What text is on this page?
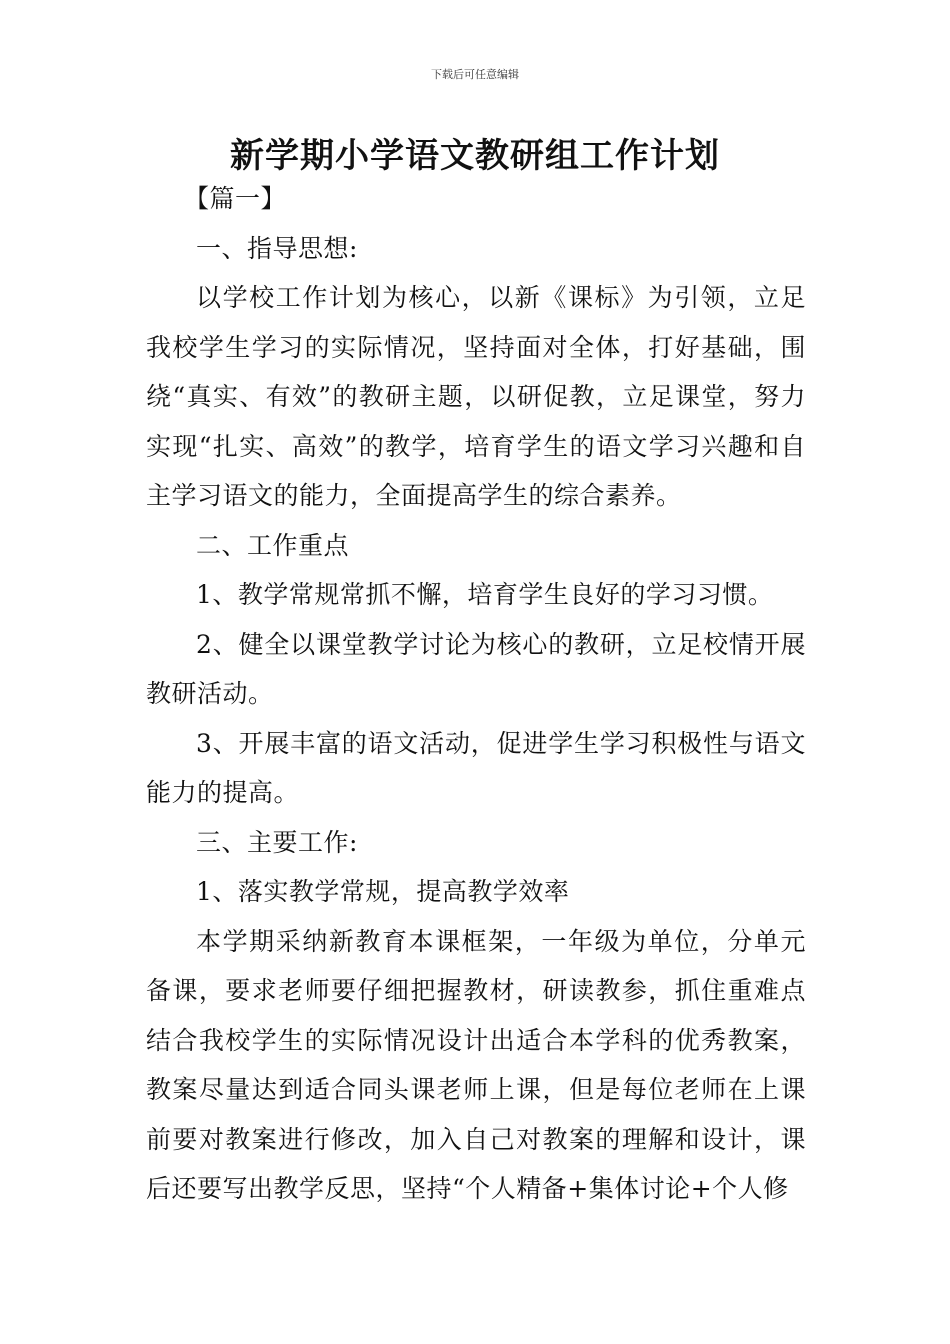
下载后可任意编辑
新学期小学语文教研组工作计划

【篇一】

一、指导思想:

以学校工作计划为核心，以新《课标》为引领，立足我校学生学习的实际情况，坚持面对全体，打好基础，围绕“真实、有效”的教研主题，以研促教，立足课堂，努力实现“扎实、高效”的教学，培育学生的语文学习兴趣和自主学习语文的能力，全面提高学生的综合素养。

二、工作重点

1、教学常规常抓不懈，培育学生良好的学习习惯。

2、健全以课堂教学讨论为核心的教研，立足校情开展教研活动。

3、开展丰富的语文活动，促进学生学习积极性与语文能力的提高。

三、主要工作:

1、落实教学常规，提高教学效率

本学期采纳新教育本课框架，一年级为单位，分单元备课，要求老师要仔细把握教材，研读教参，抓住重难点结合我校学生的实际情况设计出适合本学科的优秀教案，教案尽量达到适合同头课老师上课，但是每位老师在上课前要对教案进行修改，加入自己对教案的理解和设计，课后还要写出教学反思，坚持“个人精备+集体讨论+个人修
